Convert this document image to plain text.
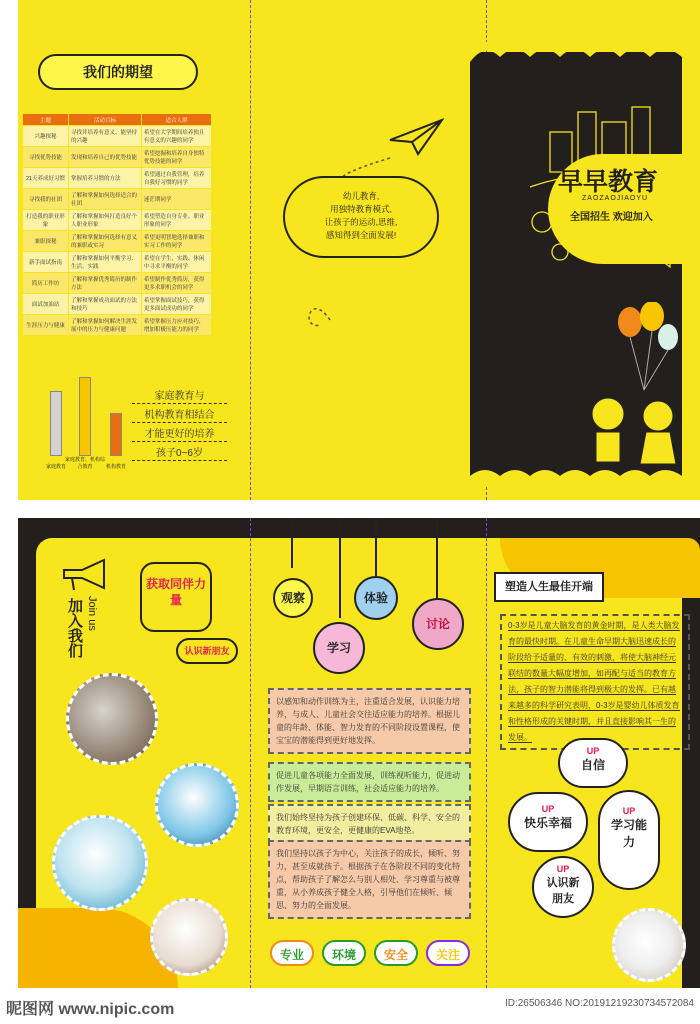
我们的期望
主题	活动目标	适合人群
兴趣探秘	寻找并培养有意义、能坚持的兴趣	希望在大学期间培养独且有意义的兴趣的同学
寻找优势技能	发现和培养自己的优势技能	希望挖掘和培养自身独特优势技能的同学
21天养成好习惯	掌握培养习惯的方法	希望通过自我管理，培养自我好习惯的同学
寻找我的社团	了解和掌握如何选择适合的社团	迷茫期同学
打造我的职业形象	了解和掌握如何打造良好个人职业形象	希望塑造自身专业、职业形象的同学
兼职探秘	了解和掌握如何选择有意义的兼职或实习	希望更明智地选择兼职和实习工作的同学
新手面试指南	了解和掌握如何平衡学习、生活、实践	希望在学生、实践、休闲中寻求平衡的同学
简历工作坊	了解和掌握优秀简历的制作方法	希望制作优秀简历，获得更多求职机会的同学
面试加油站	了解和掌握成功面试的方法和技巧	希望掌握面试技巧，获得更多面试成功的同学
生涯压力与健康	了解和掌握如何解决生涯发展中的压力与健康问题	希望掌握压力应对技巧，增加积极压能力的同学
家庭教育
家庭教育、机构综合教育	机构教育
家庭教育与
机构教育相结合
才能更好的培养
孩子0~6岁
幼儿教育,
用独特教育模式,
让孩子的运动,思维,
感知得到全面发展!
早早教育
ZAOZAOJIAOYU
全国招生 欢迎加入
加入我们 Join us
获取同伴力量
认识新朋友
观察
学习
体验
讨论
以感知和动作训练为主，注重适合发展，认识能力培养，与成人、儿童社会交往适应能力的培养。根据儿童的年龄、体能、智力发育的不同阶段设置课程，使宝宝的潜能得到更好地发挥。
促进儿童各项能力全面发展，训练视听能力，促进动作发展，早期语言训练，社会适应能力的培养。
我们始终坚持为孩子创建环保、低碳、科学、安全的教育环境，更安全，更健康的EVA地垫。
我们坚持以孩子为中心，关注孩子的成长，倾听、努力，甚至成就孩子。根据孩子在各阶段不同的变化特点，帮助孩子了解怎么与别人相处、学习尊重与被尊重，从小养成孩子健全人格，引导他们在倾听、倾思、努力的全面发展。
专业	环境	安全	关注
塑造人生最佳开端
0-3岁是儿童大脑发育的黄金时期，是人类大脑发育的最快时期。在儿童生命早期大脑迅速成长的阶段给予适量的、有效的刺激，将使大脑神经元联结的数量大幅度增加，如再配与适当的教育方法，孩子的智力潜能将得到极大的发挥。已有越来越多的科学研究表明，0-3岁是婴幼儿体质发育和性格形成的关键时期，并且直接影响其一生的发展。
UP
自信
UP
快乐幸福
UP
学习能力
UP
认识新朋友
昵图网 www.nipic.com	ID:26506346 NO:20191219230734572084
